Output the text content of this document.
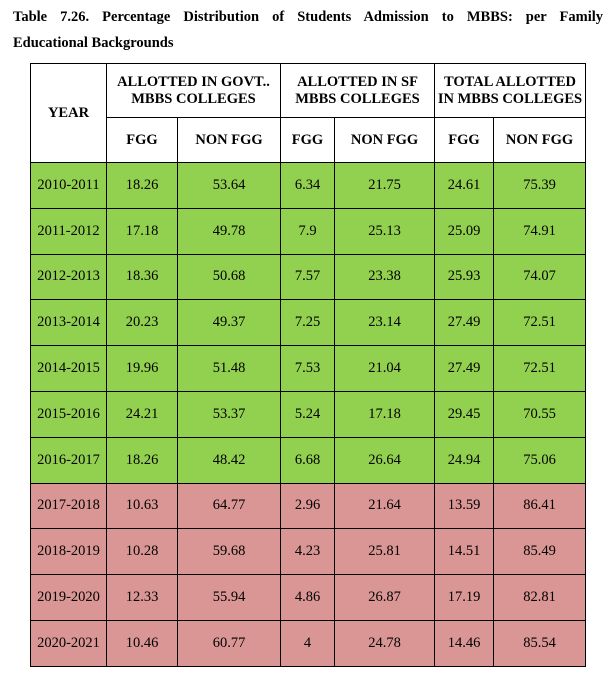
Table 7.26. Percentage Distribution of Students Admission to MBBS: per Family
Educational Backgrounds
YEAR	ALLOTTED IN GOVT.. MBBS COLLEGES		ALLOTTED IN SF MBBS COLLEGES		TOTAL ALLOTTED IN MBBS COLLEGES	
	FGG	NON FGG	FGG	NON FGG	FGG	NON FGG
2010-2011	18.26	53.64	6.34	21.75	24.61	75.39
2011-2012	17.18	49.78	7.9	25.13	25.09	74.91
2012-2013	18.36	50.68	7.57	23.38	25.93	74.07
2013-2014	20.23	49.37	7.25	23.14	27.49	72.51
2014-2015	19.96	51.48	7.53	21.04	27.49	72.51
2015-2016	24.21	53.37	5.24	17.18	29.45	70.55
2016-2017	18.26	48.42	6.68	26.64	24.94	75.06
2017-2018	10.63	64.77	2.96	21.64	13.59	86.41
2018-2019	10.28	59.68	4.23	25.81	14.51	85.49
2019-2020	12.33	55.94	4.86	26.87	17.19	82.81
2020-2021	10.46	60.77	4	24.78	14.46	85.54
